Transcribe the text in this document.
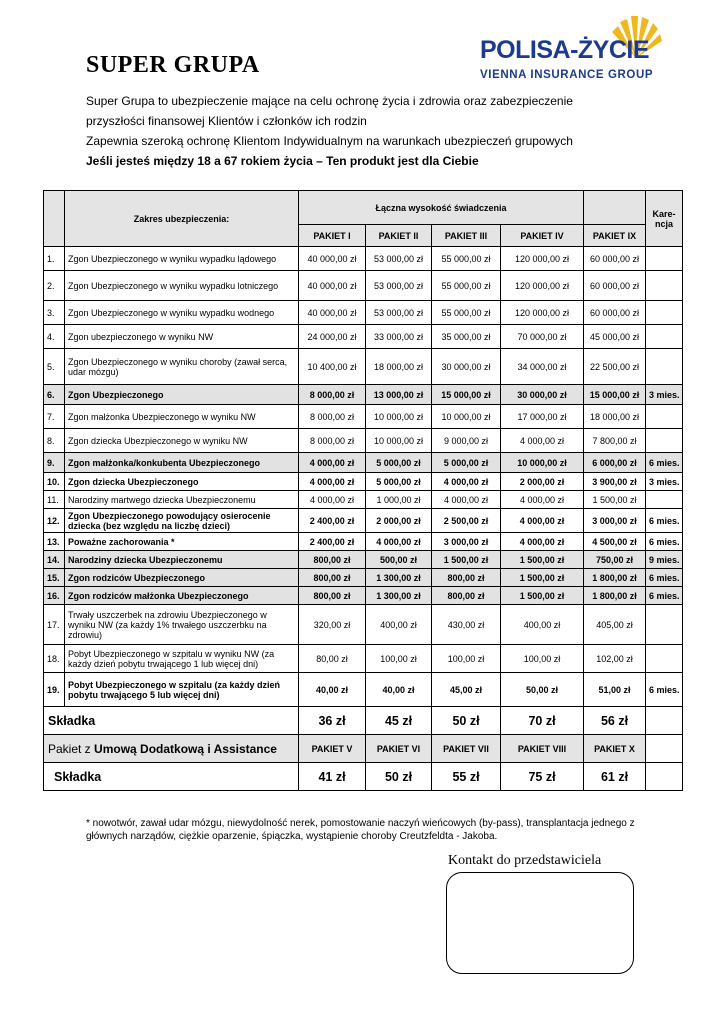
SUPER GRUPA
POLISA-ŻYCIE
VIENNA INSURANCE GROUP

Super Grupa to ubezpieczenie mające na celu ochronę życia i zdrowia oraz zabezpieczenie

przyszłości finansowej Klientów i członków ich rodzin

Zapewnia szeroką ochronę Klientom Indywidualnym na warunkach ubezpieczeń grupowych

Jeśli jesteś między 18 a 67 rokiem życia – Ten produkt jest dla Ciebie

	Zakres ubezpieczenia:	Łączna wysokość świadczenia					Kare-
ncja
		PAKIET I	PAKIET II	PAKIET III	PAKIET IV	PAKIET IX	
1.	Zgon Ubezpieczonego w wyniku wypadku lądowego	40 000,00 zł	53 000,00 zł	55 000,00 zł	120 000,00 zł	60 000,00 zł	
2.	Zgon Ubezpieczonego w wyniku wypadku lotniczego	40 000,00 zł	53 000,00 zł	55 000,00 zł	120 000,00 zł	60 000,00 zł	
3.	Zgon Ubezpieczonego w wyniku wypadku wodnego	40 000,00 zł	53 000,00 zł	55 000,00 zł	120 000,00 zł	60 000,00 zł	
4.	Zgon ubezpieczonego w wyniku NW	24 000,00 zł	33 000,00 zł	35 000,00 zł	70 000,00 zł	45 000,00 zł	
5.	Zgon Ubezpieczonego w wyniku choroby (zawał serca, udar mózgu)	10 400,00 zł	18 000,00 zł	30 000,00 zł	34 000,00 zł	22 500,00 zł	
6.	Zgon Ubezpieczonego	8 000,00 zł	13 000,00 zł	15 000,00 zł	30 000,00 zł	15 000,00 zł	3 mies.
7.	Zgon małżonka Ubezpieczonego w wyniku NW	8 000,00 zł	10 000,00 zł	10 000,00 zł	17 000,00 zł	18 000,00 zł	
8.	Zgon dziecka Ubezpieczonego w wyniku NW	8 000,00 zł	10 000,00 zł	9 000,00 zł	4 000,00 zł	7 800,00 zł	
9.	Zgon małżonka/konkubenta Ubezpieczonego	4 000,00 zł	5 000,00 zł	5 000,00 zł	10 000,00 zł	6 000,00 zł	6 mies.
10.	Zgon dziecka Ubezpieczonego	4 000,00 zł	5 000,00 zł	4 000,00 zł	2 000,00 zł	3 900,00 zł	3 mies.
11.	Narodziny martwego dziecka Ubezpieczonemu	4 000,00 zł	1 000,00 zł	4 000,00 zł	4 000,00 zł	1 500,00 zł	
12.	Zgon Ubezpieczonego powodujący osierocenie dziecka (bez względu na liczbę dzieci)	2 400,00 zł	2 000,00 zł	2 500,00 zł	4 000,00 zł	3 000,00 zł	6 mies.
13.	Poważne zachorowania *	2 400,00 zł	4 000,00 zł	3 000,00 zł	4 000,00 zł	4 500,00 zł	6 mies.
14.	Narodziny dziecka Ubezpieczonemu	800,00 zł	500,00 zł	1 500,00 zł	1 500,00 zł	750,00 zł	9 mies.
15.	Zgon rodziców Ubezpieczonego	800,00 zł	1 300,00 zł	800,00 zł	1 500,00 zł	1 800,00 zł	6 mies.
16.	Zgon rodziców małżonka Ubezpieczonego	800,00 zł	1 300,00 zł	800,00 zł	1 500,00 zł	1 800,00 zł	6 mies.
17.	Trwały uszczerbek na zdrowiu Ubezpieczonego w wyniku NW (za każdy 1% trwałego uszczerbku na zdrowiu)	320,00 zł	400,00 zł	430,00 zł	400,00 zł	405,00 zł	
18.	Pobyt Ubezpieczonego w szpitalu w wyniku NW (za każdy dzień pobytu trwającego 1 lub więcej dni)	80,00 zł	100,00 zł	100,00 zł	100,00 zł	102,00 zł	
19.	Pobyt Ubezpieczonego w szpitalu (za każdy dzień pobytu trwającego 5 lub więcej dni)	40,00 zł	40,00 zł	45,00 zł	50,00 zł	51,00 zł	6 mies.
Składka		36 zł	45 zł	50 zł	70 zł	56 zł	
Pakiet z Umową Dodatkową i Assistance		PAKIET V	PAKIET VI	PAKIET VII	PAKIET VIII	PAKIET X	
Składka		41 zł	50 zł	55 zł	75 zł	61 zł	

* nowotwór, zawał udar mózgu, niewydolność nerek, pomostowanie naczyń wieńcowych (by-pass), transplantacja jednego z głównych narządów, ciężkie oparzenie, śpiączka, wystąpienie choroby Creutzfeldta - Jakoba.

Kontakt do przedstawiciela
